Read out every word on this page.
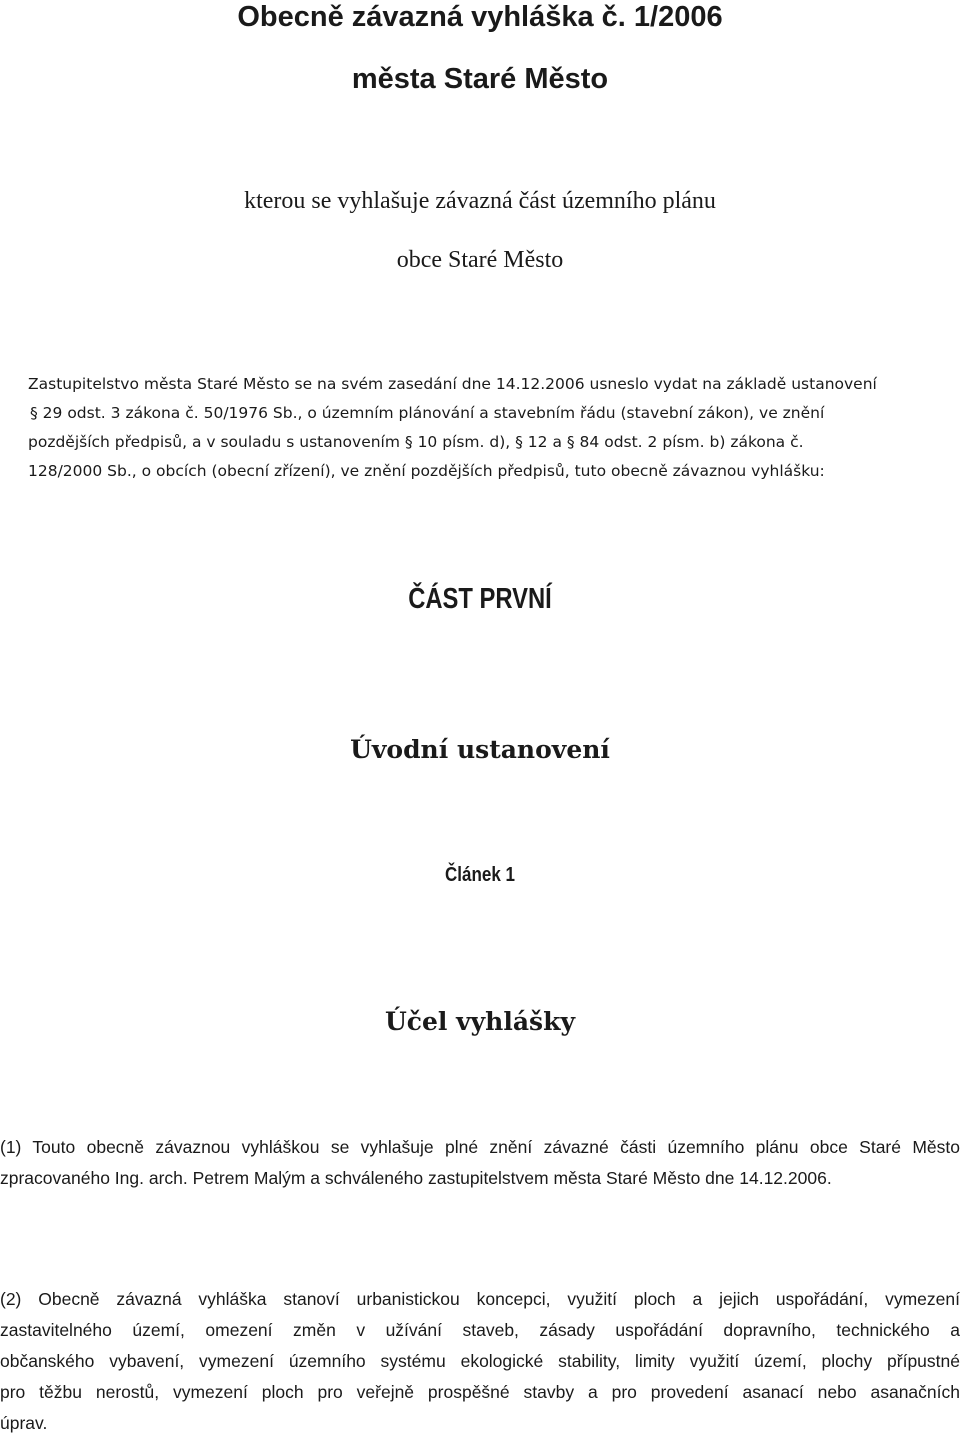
Obecně závazná vyhláška č. 1/2006
města Staré Město
kterou se vyhlašuje závazná část územního plánu
obce Staré Město
Zastupitelstvo města Staré Město se na svém zasedání dne 14.12.2006 usneslo vydat na základě ustanovení
§ 29 odst. 3 zákona č. 50/1976 Sb., o územním plánování a stavebním řádu (stavební zákon), ve znění
pozdějších předpisů, a v souladu s ustanovením § 10 písm. d), § 12 a § 84 odst. 2 písm. b) zákona č.
128/2000 Sb., o obcích (obecní zřízení), ve znění pozdějších předpisů, tuto obecně závaznou vyhlášku:
ČÁST PRVNÍ
Úvodní ustanovení
Článek 1
Účel vyhlášky
(1) Touto obecně závaznou vyhláškou se vyhlašuje plné znění závazné části územního plánu obce Staré Město
zpracovaného Ing. arch. Petrem Malým a schváleného zastupitelstvem města Staré Město dne 14.12.2006.
(2) Obecně závazná vyhláška stanoví urbanistickou koncepci, využití ploch a jejich uspořádání, vymezení
zastavitelného území, omezení změn v užívání staveb, zásady uspořádání dopravního, technického a
občanského vybavení, vymezení územního systému ekologické stability, limity využití území, plochy přípustné
pro těžbu nerostů, vymezení ploch pro veřejně prospěšné stavby a pro provedení asanací nebo asanačních
úprav.
